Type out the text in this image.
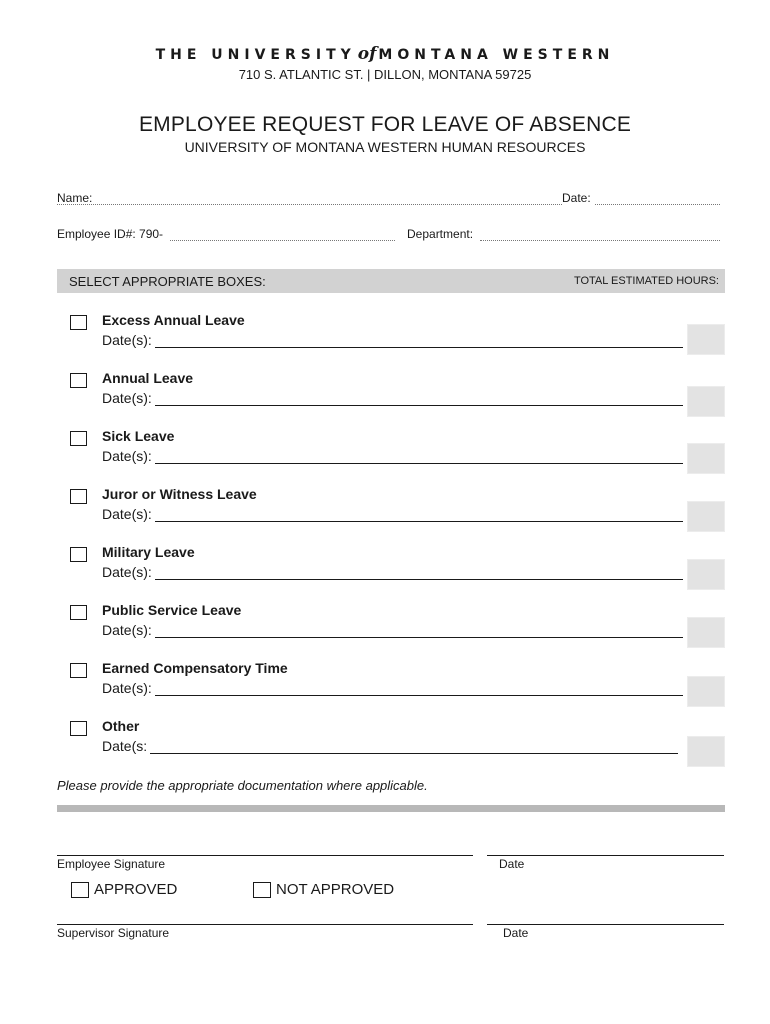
THE UNIVERSITY of MONTANA WESTERN
710 S. ATLANTIC ST. | DILLON, MONTANA 59725
EMPLOYEE REQUEST FOR LEAVE OF ABSENCE
UNIVERSITY OF MONTANA WESTERN HUMAN RESOURCES
Name:	Date:
Employee ID#: 790-	Department:
SELECT APPROPRIATE BOXES:	TOTAL ESTIMATED HOURS:
Excess Annual Leave
Date(s):
Annual Leave
Date(s):
Sick Leave
Date(s):
Juror or Witness Leave
Date(s):
Military Leave
Date(s):
Public Service Leave
Date(s):
Earned Compensatory Time
Date(s):
Other
Date(s:
Please provide the appropriate documentation where applicable.
Employee Signature	Date
APPROVED	NOT APPROVED
Supervisor Signature	Date
